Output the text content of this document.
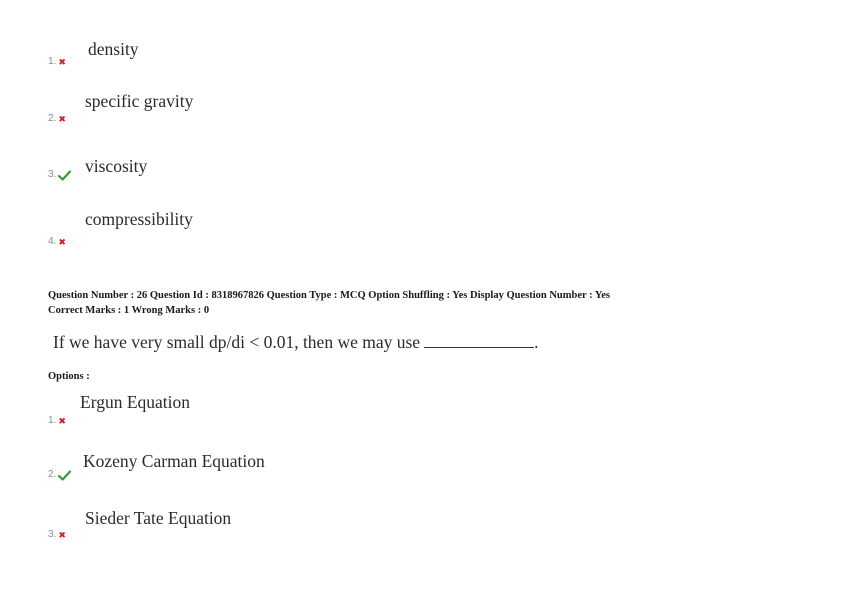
density
1. ✖
specific gravity
2. ✖
viscosity
3.
compressibility
4. ✖
Question Number : 26 Question Id : 8318967826 Question Type : MCQ Option Shuffling : Yes Display Question Number : Yes
Correct Marks : 1 Wrong Marks : 0
If we have very small dp/di < 0.01, then we may use	.
Options :
Ergun Equation
1. ✖
Kozeny Carman Equation
2.
Sieder Tate Equation
3. ✖
